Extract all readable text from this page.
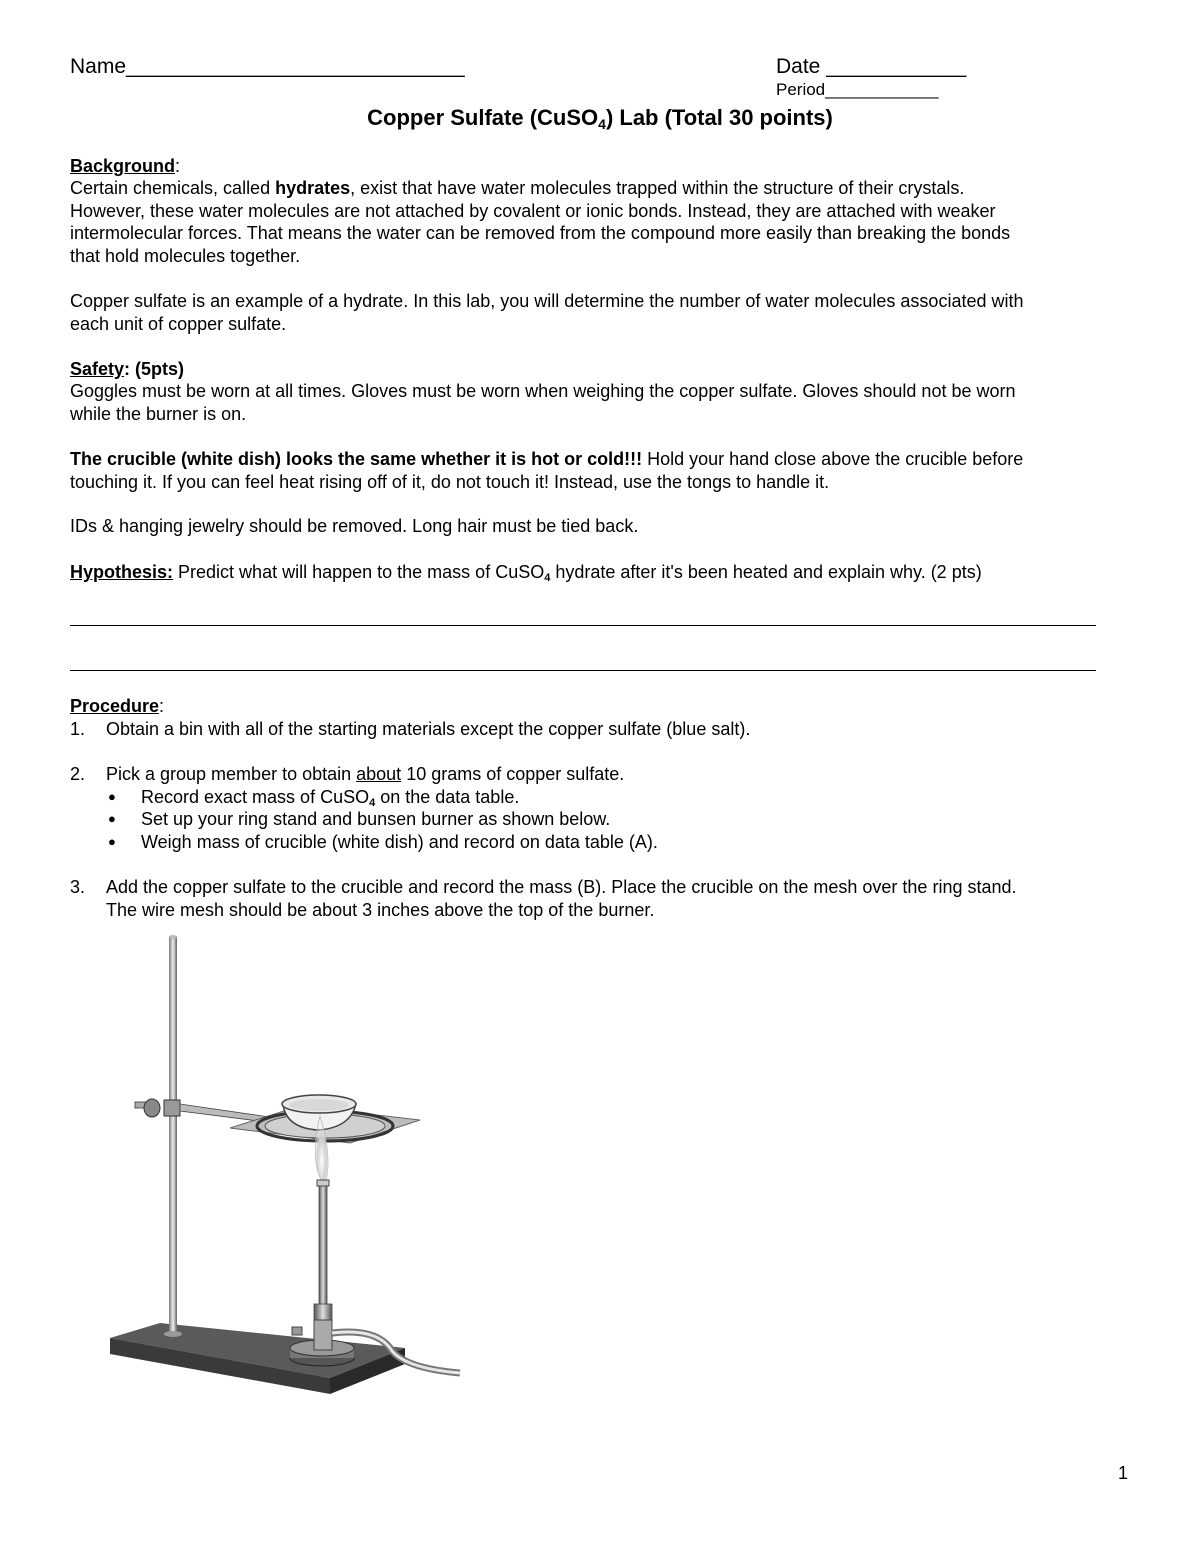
Name_____________________________	Date ____________
Period____________
Copper Sulfate (CuSO$_4$) Lab (Total 30 points)
Background:
Certain chemicals, called hydrates, exist that have water molecules trapped within the structure of their crystals.
However, these water molecules are not attached by covalent or ionic bonds. Instead, they are attached with weaker
intermolecular forces. That means the water can be removed from the compound more easily than breaking the bonds
that hold molecules together.
Copper sulfate is an example of a hydrate. In this lab, you will determine the number of water molecules associated with
each unit of copper sulfate.
Safety: (5pts)
Goggles must be worn at all times. Gloves must be worn when weighing the copper sulfate. Gloves should not be worn
while the burner is on.
The crucible (white dish) looks the same whether it is hot or cold!!! Hold your hand close above the crucible before
touching it. If you can feel heat rising off of it, do not touch it! Instead, use the tongs to handle it.
IDs & hanging jewelry should be removed. Long hair must be tied back.
Hypothesis: Predict what will happen to the mass of CuSO4 hydrate after it's been heated and explain why. (2 pts)
Procedure:
1. Obtain a bin with all of the starting materials except the copper sulfate (blue salt).
2. Pick a group member to obtain about 10 grams of copper sulfate.
● Record exact mass of CuSO4 on the data table.
● Set up your ring stand and bunsen burner as shown below.
● Weigh mass of crucible (white dish) and record on data table (A).
3. Add the copper sulfate to the crucible and record the mass (B). Place the crucible on the mesh over the ring stand.
The wire mesh should be about 3 inches above the top of the burner.
1
